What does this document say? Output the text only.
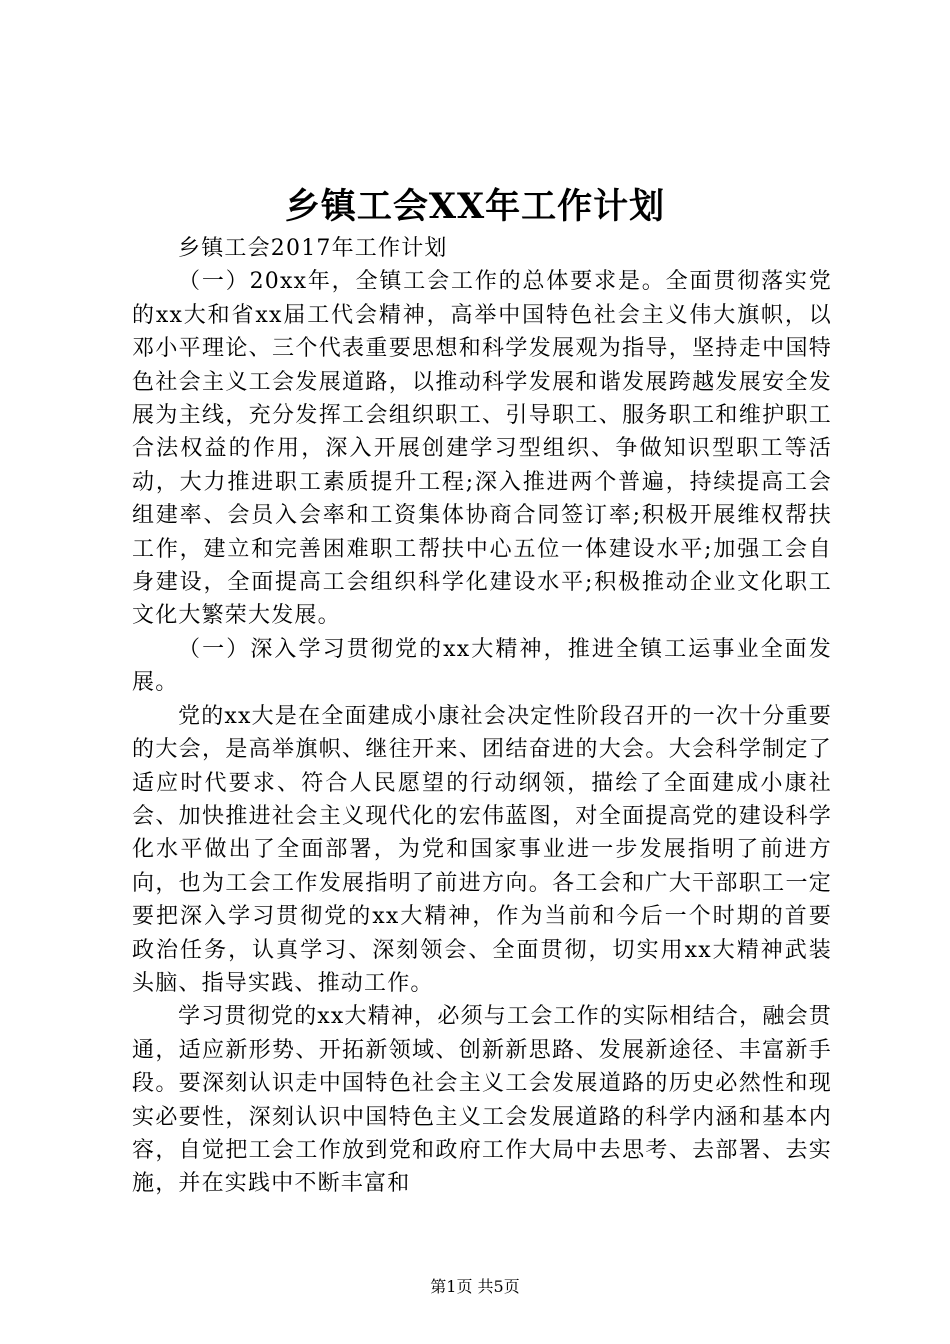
乡镇工会XX年工作计划

乡镇工会2017年工作计划

（一）20xx年，全镇工会工作的总体要求是。全面贯彻落实党的xx大和省xx届工代会精神，高举中国特色社会主义伟大旗帜，以邓小平理论、三个代表重要思想和科学发展观为指导，坚持走中国特色社会主义工会发展道路，以推动科学发展和谐发展跨越发展安全发展为主线，充分发挥工会组织职工、引导职工、服务职工和维护职工合法权益的作用，深入开展创建学习型组织、争做知识型职工等活动，大力推进职工素质提升工程;深入推进两个普遍，持续提高工会组建率、会员入会率和工资集体协商合同签订率;积极开展维权帮扶工作，建立和完善困难职工帮扶中心五位一体建设水平;加强工会自身建设，全面提高工会组织科学化建设水平;积极推动企业文化职工文化大繁荣大发展。

（一）深入学习贯彻党的xx大精神，推进全镇工运事业全面发展。

党的xx大是在全面建成小康社会决定性阶段召开的一次十分重要的大会，是高举旗帜、继往开来、团结奋进的大会。大会科学制定了适应时代要求、符合人民愿望的行动纲领，描绘了全面建成小康社会、加快推进社会主义现代化的宏伟蓝图，对全面提高党的建设科学化水平做出了全面部署，为党和国家事业进一步发展指明了前进方向，也为工会工作发展指明了前进方向。各工会和广大干部职工一定要把深入学习贯彻党的xx大精神，作为当前和今后一个时期的首要政治任务，认真学习、深刻领会、全面贯彻，切实用xx大精神武装头脑、指导实践、推动工作。

学习贯彻党的xx大精神，必须与工会工作的实际相结合，融会贯通，适应新形势、开拓新领域、创新新思路、发展新途径、丰富新手段。要深刻认识走中国特色社会主义工会发展道路的历史必然性和现实必要性，深刻认识中国特色主义工会发展道路的科学内涵和基本内容，自觉把工会工作放到党和政府工作大局中去思考、去部署、去实施，并在实践中不断丰富和

第1页 共5页
